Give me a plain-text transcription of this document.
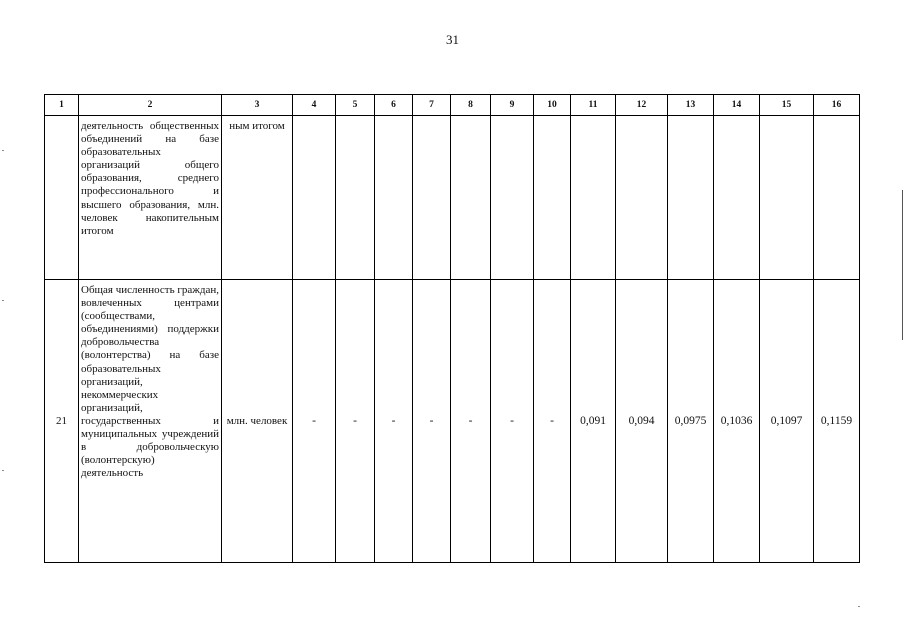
31
1	2	3	4	5	6	7	8	9	10	11	12	13	14	15	16
	деятельность общественных объединений на базе образовательных организаций общего образования, среднего профессионального и высшего образования, млн. человек накопительным итогом	ным итогом													
21	Общая численность граждан, вовлеченных центрами (сообществами, объединениями) поддержки добровольчества (волонтерства) на базе образовательных организаций, некоммерческих организаций, государственных и муниципальных учреждений в добровольческую (волонтерскую) деятельность	млн. человек	-	-	-	-	-	-	-	0,091	0,094	0,0975	0,1036	0,1097	0,1159
